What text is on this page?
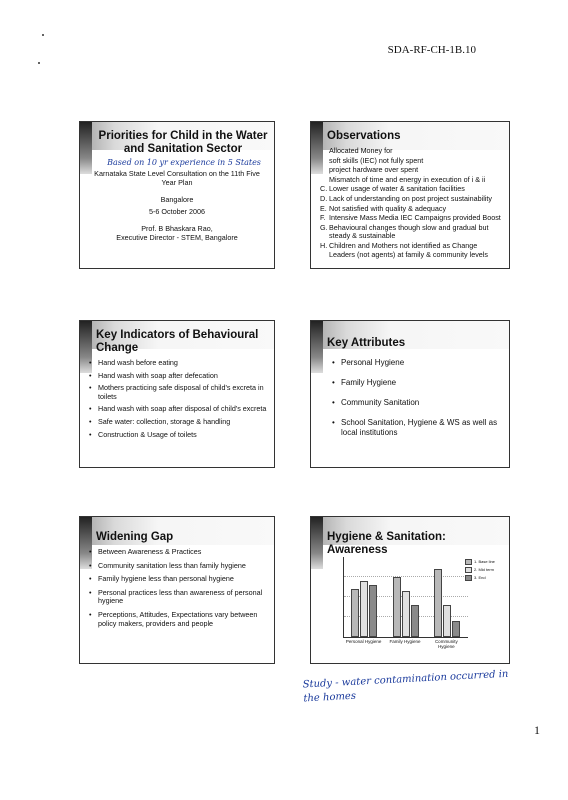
SDA-RF-CH-1B.10
Priorities for Child in the Water and Sanitation Sector
Based on 10 yr experience in 5 States
Karnataka State Level Consultation on the 11th Five Year Plan
Bangalore
5-6 October 2006
Prof. B Bhaskara Rao,
Executive Director - STEM, Bangalore
Observations
Allocated Money for
soft skills (IEC) not fully spent
project hardware over spent
Mismatch of time and energy in execution of i & ii
C. Lower usage of water & sanitation facilities
D. Lack of understanding on post project sustainability
E. Not satisfied with quality & adequacy
F. Intensive Mass Media IEC Campaigns provided Boost
G. Behavioural changes though slow and gradual but steady & sustainable
H. Children and Mothers not identified as Change Leaders (not agents) at family & community levels
Key Indicators of Behavioural Change
• Hand wash before eating
• Hand wash with soap after defecation
• Mothers practicing safe disposal of child's excreta in toilets
• Hand wash with soap after disposal of child's excreta
• Safe water: collection, storage & handling
• Construction & Usage of toilets
Key Attributes
• Personal Hygiene
• Family Hygiene
• Community Sanitation
• School Sanitation, Hygiene & WS as well as local institutions
Widening Gap
• Between Awareness & Practices
• Community sanitation less than family hygiene
• Family hygiene less than personal hygiene
• Personal practices less than awareness of personal hygiene
• Perceptions, Attitudes, Expectations vary between policy makers, providers and people
Hygiene & Sanitation: Awareness
1. Base line
2. Mid term
3. End
Personal Hygiene	Family Hygiene	Community Hygiene
Study - water contamination occurred in the homes
1
